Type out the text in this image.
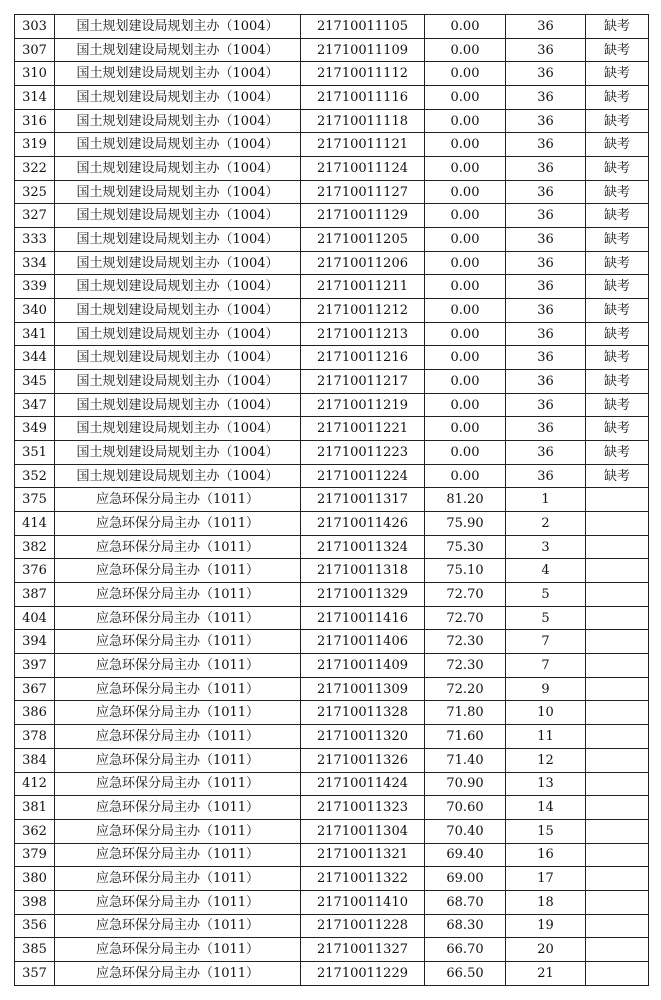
303	国土规划建设局规划主办（1004）	21710011105	0.00	36	缺考
307	国土规划建设局规划主办（1004）	21710011109	0.00	36	缺考
310	国土规划建设局规划主办（1004）	21710011112	0.00	36	缺考
314	国土规划建设局规划主办（1004）	21710011116	0.00	36	缺考
316	国土规划建设局规划主办（1004）	21710011118	0.00	36	缺考
319	国土规划建设局规划主办（1004）	21710011121	0.00	36	缺考
322	国土规划建设局规划主办（1004）	21710011124	0.00	36	缺考
325	国土规划建设局规划主办（1004）	21710011127	0.00	36	缺考
327	国土规划建设局规划主办（1004）	21710011129	0.00	36	缺考
333	国土规划建设局规划主办（1004）	21710011205	0.00	36	缺考
334	国土规划建设局规划主办（1004）	21710011206	0.00	36	缺考
339	国土规划建设局规划主办（1004）	21710011211	0.00	36	缺考
340	国土规划建设局规划主办（1004）	21710011212	0.00	36	缺考
341	国土规划建设局规划主办（1004）	21710011213	0.00	36	缺考
344	国土规划建设局规划主办（1004）	21710011216	0.00	36	缺考
345	国土规划建设局规划主办（1004）	21710011217	0.00	36	缺考
347	国土规划建设局规划主办（1004）	21710011219	0.00	36	缺考
349	国土规划建设局规划主办（1004）	21710011221	0.00	36	缺考
351	国土规划建设局规划主办（1004）	21710011223	0.00	36	缺考
352	国土规划建设局规划主办（1004）	21710011224	0.00	36	缺考
375	应急环保分局主办（1011）	21710011317	81.20	1	
414	应急环保分局主办（1011）	21710011426	75.90	2	
382	应急环保分局主办（1011）	21710011324	75.30	3	
376	应急环保分局主办（1011）	21710011318	75.10	4	
387	应急环保分局主办（1011）	21710011329	72.70	5	
404	应急环保分局主办（1011）	21710011416	72.70	5	
394	应急环保分局主办（1011）	21710011406	72.30	7	
397	应急环保分局主办（1011）	21710011409	72.30	7	
367	应急环保分局主办（1011）	21710011309	72.20	9	
386	应急环保分局主办（1011）	21710011328	71.80	10	
378	应急环保分局主办（1011）	21710011320	71.60	11	
384	应急环保分局主办（1011）	21710011326	71.40	12	
412	应急环保分局主办（1011）	21710011424	70.90	13	
381	应急环保分局主办（1011）	21710011323	70.60	14	
362	应急环保分局主办（1011）	21710011304	70.40	15	
379	应急环保分局主办（1011）	21710011321	69.40	16	
380	应急环保分局主办（1011）	21710011322	69.00	17	
398	应急环保分局主办（1011）	21710011410	68.70	18	
356	应急环保分局主办（1011）	21710011228	68.30	19	
385	应急环保分局主办（1011）	21710011327	66.70	20	
357	应急环保分局主办（1011）	21710011229	66.50	21	
